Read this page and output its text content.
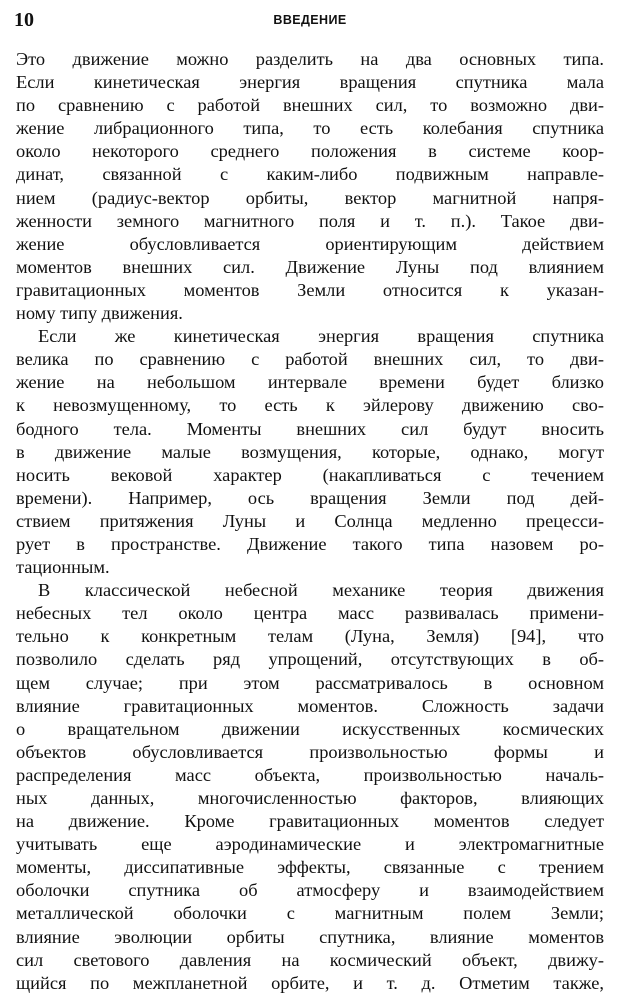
10	ВВЕДЕНИЕ
Это движение можно разделить на два основных типа.
Если кинетическая энергия вращения спутника мала
по сравнению с работой внешних сил, то возможно дви-
жение либрационного типа, то есть колебания спутника
около некоторого среднего положения в системе коор-
динат, связанной с каким-либо подвижным направле-
нием (радиус-вектор орбиты, вектор магнитной напря-
женности земного магнитного поля и т. п.). Такое дви-
жение обусловливается ориентирующим действием
моментов внешних сил. Движение Луны под влиянием
гравитационных моментов Земли относится к указан-
ному типу движения.
Если же кинетическая энергия вращения спутника
велика по сравнению с работой внешних сил, то дви-
жение на небольшом интервале времени будет близко
к невозмущенному, то есть к эйлерову движению сво-
бодного тела. Моменты внешних сил будут вносить
в движение малые возмущения, которые, однако, могут
носить вековой характер (накапливаться с течением
времени). Например, ось вращения Земли под дей-
ствием притяжения Луны и Солнца медленно прецесси-
рует в пространстве. Движение такого типа назовем ро-
тационным.
В классической небесной механике теория движения
небесных тел около центра масс развивалась примени-
тельно к конкретным телам (Луна, Земля) [94], что
позволило сделать ряд упрощений, отсутствующих в об-
щем случае; при этом рассматривалось в основном
влияние гравитационных моментов. Сложность задачи
о вращательном движении искусственных космических
объектов обусловливается произвольностью формы и
распределения масс объекта, произвольностью началь-
ных данных, многочисленностью факторов, влияющих
на движение. Кроме гравитационных моментов следует
учитывать еще аэродинамические и электромагнитные
моменты, диссипативные эффекты, связанные с трением
оболочки спутника об атмосферу и взаимодействием
металлической оболочки с магнитным полем Земли;
влияние эволюции орбиты спутника, влияние моментов
сил светового давления на космический объект, движу-
щийся по межпланетной орбите, и т. д. Отметим также,
